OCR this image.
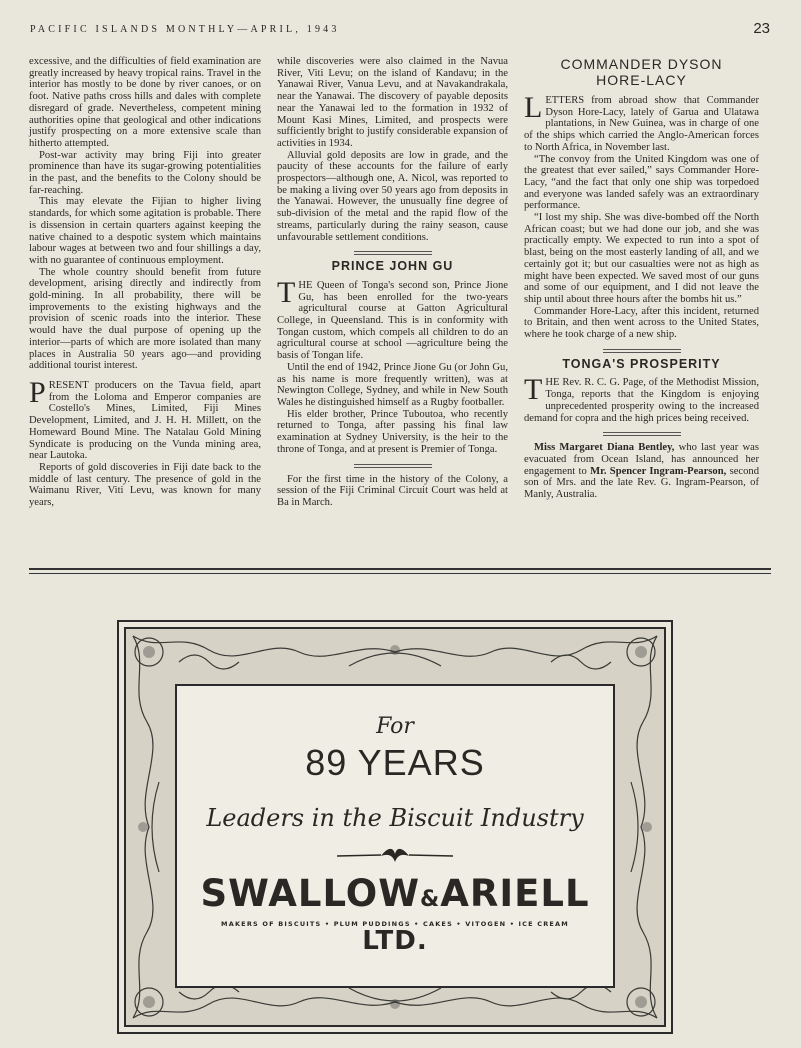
PACIFIC ISLANDS MONTHLY—APRIL, 1943	23

excessive, and the difficulties of field examination are greatly increased by heavy tropical rains. Travel in the interior has mostly to be done by river canoes, or on foot. Native paths cross hills and dales with complete disregard of grade. Nevertheless, competent mining authorities opine that geological and other indications justify prospecting on a more extensive scale than hitherto attempted.

Post-war activity may bring Fiji into greater prominence than have its sugar-growing potentialities in the past, and the benefits to the Colony should be far-reaching.

This may elevate the Fijian to higher living standards, for which some agitation is probable. There is dissension in certain quarters against keeping the native chained to a despotic system which maintains labour wages at between two and four shillings a day, with no guarantee of continuous employment.

The whole country should benefit from future development, arising directly and indirectly from gold-mining. In all probability, there will be improvements to the existing highways and the provision of scenic roads into the interior. These would have the dual purpose of opening up the interior—parts of which are more isolated than many places in Australia 50 years ago—and providing additional tourist interest.

PRESENT producers on the Tavua field, apart from the Loloma and Emperor companies are Costello's Mines, Limited, Fiji Mines Development, Limited, and J. H. H. Millett, on the Homeward Bound Mine. The Natalau Gold Mining Syndicate is producing on the Vunda mining area, near Lautoka.

Reports of gold discoveries in Fiji date back to the middle of last century. The presence of gold in the Waimanu River, Viti Levu, was known for many years,

while discoveries were also claimed in the Navua River, Viti Levu; on the island of Kandavu; in the Yanawai River, Vanua Levu, and at Navakandrakala, near the Yanawai. The discovery of payable deposits near the Yanawai led to the formation in 1932 of Mount Kasi Mines, Limited, and prospects were sufficiently bright to justify considerable expansion of activities in 1934.

Alluvial gold deposits are low in grade, and the paucity of these accounts for the failure of early prospectors—although one, A. Nicol, was reported to be making a living over 50 years ago from deposits in the Yanawai. However, the unusually fine degree of sub-division of the metal and the rapid flow of the streams, particularly during the rainy season, cause unfavourable settlement conditions.

PRINCE JOHN GU

THE Queen of Tonga's second son, Prince Jione Gu, has been enrolled for the two-years agricultural course at Gatton Agricultural College, in Queensland. This is in conformity with Tongan custom, which compels all children to do an agricultural course at school —agriculture being the basis of Tongan life.

Until the end of 1942, Prince Jione Gu (or John Gu, as his name is more frequently written), was at Newington College, Sydney, and while in New South Wales he distinguished himself as a Rugby footballer.

His elder brother, Prince Tuboutoa, who recently returned to Tonga, after passing his final law examination at Sydney University, is the heir to the throne of Tonga, and at present is Premier of Tonga.

For the first time in the history of the Colony, a session of the Fiji Criminal Circuit Court was held at Ba in March.

COMMANDER DYSON
HORE-LACY

LETTERS from abroad show that Commander Dyson Hore-Lacy, lately of Garua and Ulatawa plantations, in New Guinea, was in charge of one of the ships which carried the Anglo-American forces to North Africa, in November last.

“The convoy from the United Kingdom was one of the greatest that ever sailed,” says Commander Hore-Lacy, “and the fact that only one ship was torpedoed and everyone was landed safely was an extraordinary performance.

“I lost my ship. She was dive-bombed off the North African coast; but we had done our job, and she was practically empty. We expected to run into a spot of blast, being on the most easterly landing of all, and we certainly got it; but our casualties were not as high as might have been expected. We saved most of our guns and some of our equipment, and I did not leave the ship until about three hours after the bombs hit us.”

Commander Hore-Lacy, after this incident, returned to Britain, and then went across to the United States, where he took charge of a new ship.

TONGA'S PROSPERITY

THE Rev. R. C. G. Page, of the Methodist Mission, Tonga, reports that the Kingdom is enjoying unprecedented prosperity owing to the increased demand for copra and the high prices being received.

Miss Margaret Diana Bentley, who last year was evacuated from Ocean Island, has announced her engagement to Mr. Spencer Ingram-Pearson, second son of Mrs. and the late Rev. G. Ingram-Pearson, of Manly, Australia.

For
89 YEARS
Leaders in the Biscuit Industry
SWALLOW&ARIELL LTD.
MAKERS OF BISCUITS • PLUM PUDDINGS • CAKES • VITOGEN • ICE CREAM
